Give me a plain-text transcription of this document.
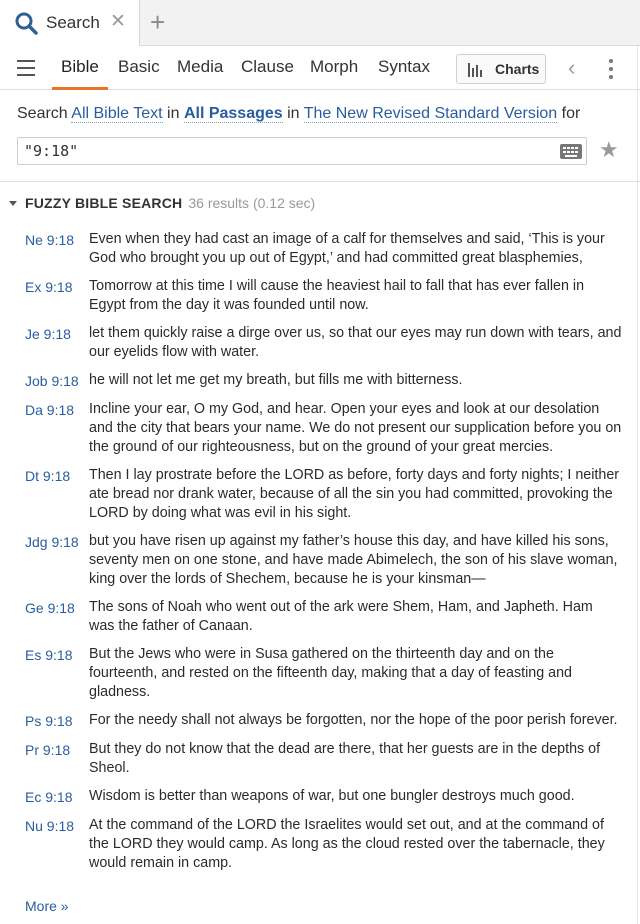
Search ✕ +
Bible Basic Media Clause Morph Syntax	Charts ‹
Search All Bible Text in All Passages in The New Revised Standard Version for
"9:18"	★
FUZZY BIBLE SEARCH 36 results (0.12 sec)
Ne 9:18	Even when they had cast an image of a calf for themselves and said, ‘This is your God who brought you up out of Egypt,’ and had committed great blasphemies,
Ex 9:18	Tomorrow at this time I will cause the heaviest hail to fall that has ever fallen in Egypt from the day it was founded until now.
Je 9:18	let them quickly raise a dirge over us, so that our eyes may run down with tears, and our eyelids flow with water.
Job 9:18 he will not let me get my breath, but fills me with bitterness.
Da 9:18	Incline your ear, O my God, and hear. Open your eyes and look at our desolation and the city that bears your name. We do not present our supplication before you on the ground of our righteousness, but on the ground of your great mercies.
Dt 9:18	Then I lay prostrate before the LORD as before, forty days and forty nights; I neither ate bread nor drank water, because of all the sin you had committed, provoking the LORD by doing what was evil in his sight.
Jdg 9:18 but you have risen up against my father’s house this day, and have killed his sons, seventy men on one stone, and have made Abimelech, the son of his slave woman, king over the lords of Shechem, because he is your kinsman—
Ge 9:18 The sons of Noah who went out of the ark were Shem, Ham, and Japheth. Ham was the father of Canaan.
Es 9:18	But the Jews who were in Susa gathered on the thirteenth day and on the fourteenth, and rested on the fifteenth day, making that a day of feasting and gladness.
Ps 9:18	For the needy shall not always be forgotten, nor the hope of the poor perish forever.
Pr 9:18	But they do not know that the dead are there, that her guests are in the depths of Sheol.
Ec 9:18	Wisdom is better than weapons of war, but one bungler destroys much good.
Nu 9:18	At the command of the LORD the Israelites would set out, and at the command of the LORD they would camp. As long as the cloud rested over the tabernacle, they would remain in camp.
More »
